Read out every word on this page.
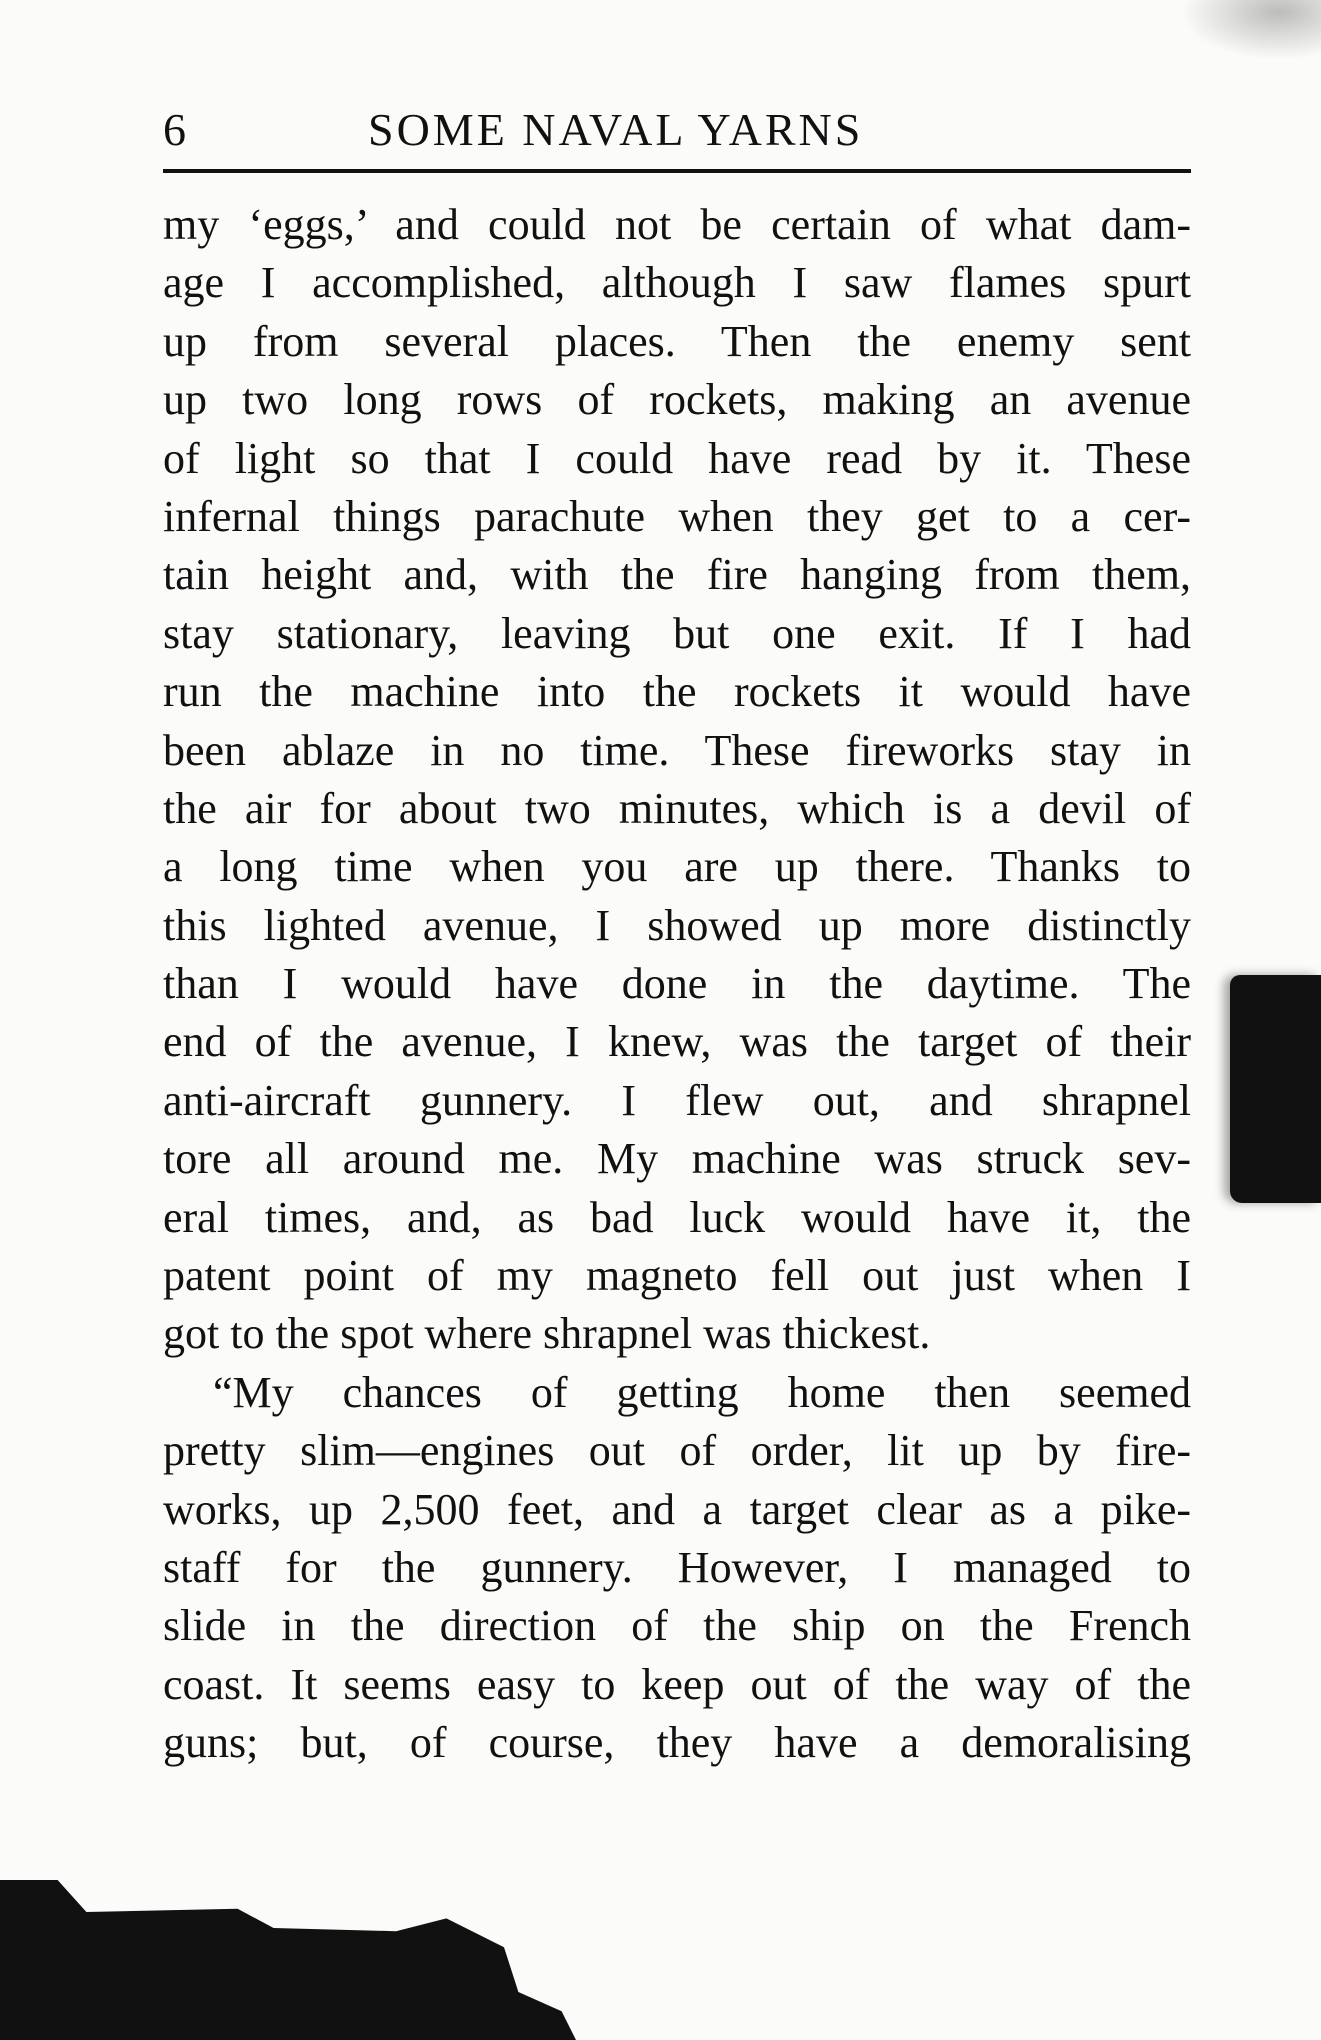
6	SOME NAVAL YARNS
my ‘eggs,’ and could not be certain of what dam-
age I accomplished, although I saw flames spurt
up from several places. Then the enemy sent
up two long rows of rockets, making an avenue
of light so that I could have read by it. These
infernal things parachute when they get to a cer-
tain height and, with the fire hanging from them,
stay stationary, leaving but one exit. If I had
run the machine into the rockets it would have
been ablaze in no time. These fireworks stay in
the air for about two minutes, which is a devil of
a long time when you are up there. Thanks to
this lighted avenue, I showed up more distinctly
than I would have done in the daytime. The
end of the avenue, I knew, was the target of their
anti-aircraft gunnery. I flew out, and shrapnel
tore all around me. My machine was struck sev-
eral times, and, as bad luck would have it, the
patent point of my magneto fell out just when I
got to the spot where shrapnel was thickest.
“My chances of getting home then seemed
pretty slim—engines out of order, lit up by fire-
works, up 2,500 feet, and a target clear as a pike-
staff for the gunnery. However, I managed to
slide in the direction of the ship on the French
coast. It seems easy to keep out of the way of the
guns; but, of course, they have a demoralising
